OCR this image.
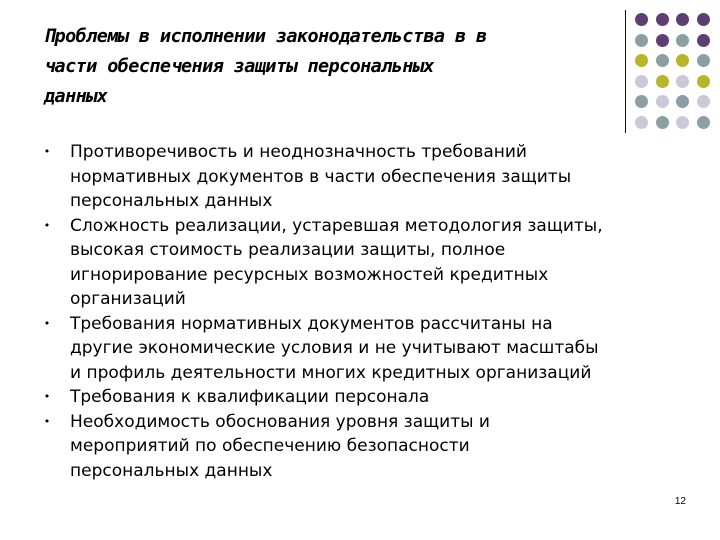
Проблемы в исполнении законодательства в в
части обеспечения защиты персональных
данных
• Противоречивость и неоднозначность требований
нормативных документов в части обеспечения защиты
персональных данных
• Сложность реализации, устаревшая методология защиты,
высокая стоимость реализации защиты, полное
игнорирование ресурсных возможностей кредитных
организаций
• Требования нормативных документов рассчитаны на
другие экономические условия и не учитывают масштабы
и профиль деятельности многих кредитных организаций
• Требования к квалификации персонала
• Необходимость обоснования уровня защиты и
мероприятий по обеспечению безопасности
персональных данных
12
